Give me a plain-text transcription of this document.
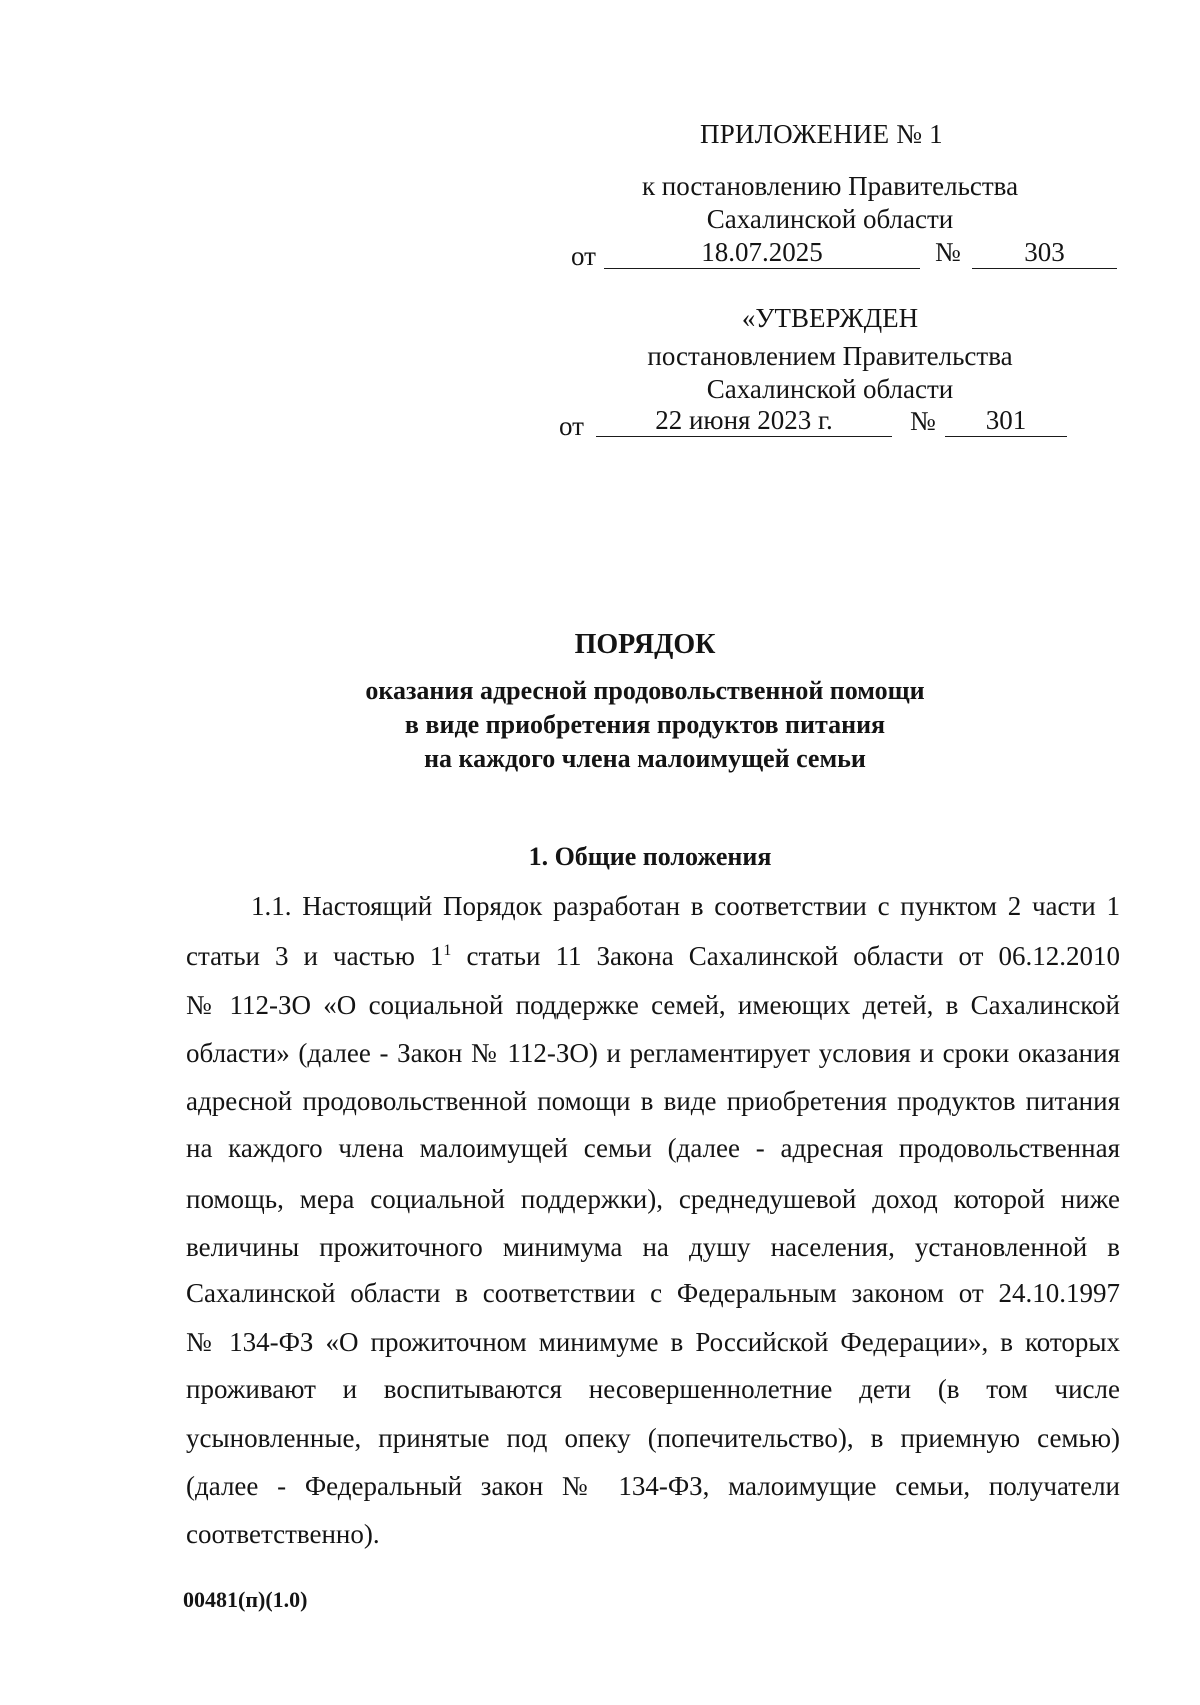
ПРИЛОЖЕНИЕ № 1
к постановлению Правительства
Сахалинской области
от	18.07.2025	№	303
«УТВЕРЖДЕН
постановлением Правительства
Сахалинской области
от	22 июня 2023 г.	№	301
ПОРЯДОК
оказания адресной продовольственной помощи
в виде приобретения продуктов питания
на каждого члена малоимущей семьи
1. Общие положения
1.1. Настоящий Порядок разработан в соответствии с пунктом 2 части 1
статьи 3 и частью $1^1$ статьи 11 Закона Сахалинской области от 06.12.2010
№ 112-ЗО «О социальной поддержке семей, имеющих детей, в Сахалинской
области» (далее - Закон № 112-ЗО) и регламентирует условия и сроки оказания
адресной продовольственной помощи в виде приобретения продуктов питания
на каждого члена малоимущей семьи (далее - адресная продовольственная
помощь, мера социальной поддержки), среднедушевой доход которой ниже
величины прожиточного минимума на душу населения, установленной в
Сахалинской области в соответствии с Федеральным законом от 24.10.1997
№ 134-ФЗ «О прожиточном минимуме в Российской Федерации», в которых
проживают и воспитываются несовершеннолетние дети (в том числе
усыновленные, принятые под опеку (попечительство), в приемную семью)
(далее - Федеральный закон № 134-ФЗ, малоимущие семьи, получатели
соответственно).
00481(п)(1.0)
